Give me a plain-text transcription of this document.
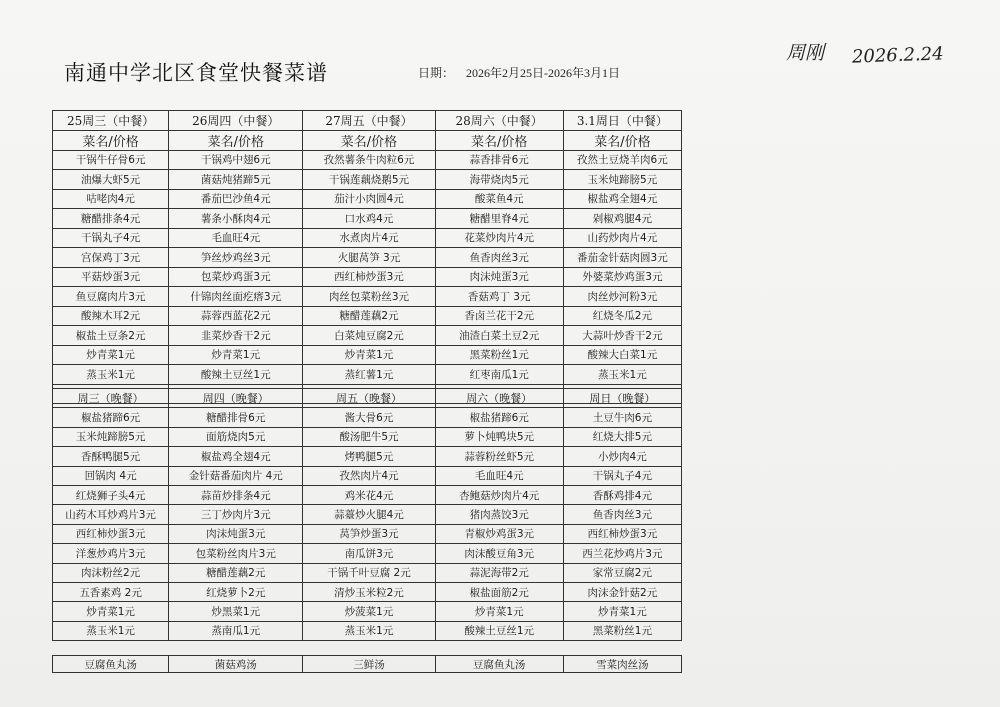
南通中学北区食堂快餐菜谱	日期： 2026年2月25日-2026年3月1日
周刚 2026.2.24
25周三（中餐）	26周四（中餐）	27周五（中餐）	28周六（中餐）	3.1周日（中餐）
菜名/价格	菜名/价格	菜名/价格	菜名/价格	菜名/价格
干锅牛仔骨6元	干锅鸡中翅6元	孜然薯条牛肉粒6元	蒜香排骨6元	孜然土豆烧羊肉6元
油爆大虾5元	菌菇炖猪蹄5元	干锅莲藕烧鹅5元	海带烧肉5元	玉米炖蹄膀5元
咕咾肉4元	番茄巴沙鱼4元	茄汁小肉圆4元	酸菜鱼4元	椒盐鸡全翅4元
糖醋排条4元	薯条小酥肉4元	口水鸡4元	糖醋里脊4元	剁椒鸡腿4元
干锅丸子4元	毛血旺4元	水煮肉片4元	花菜炒肉片4元	山药炒肉片4元
宫保鸡丁3元	笋丝炒鸡丝3元	火腿莴笋 3元	鱼香肉丝3元	番茄金针菇肉圆3元
平菇炒蛋3元	包菜炒鸡蛋3元	西红柿炒蛋3元	肉沫炖蛋3元	外婆菜炒鸡蛋3元
鱼豆腐肉片3元	什锦肉丝面疙瘩3元	肉丝包菜粉丝3元	香菇鸡丁 3元	肉丝炒河粉3元
酸辣木耳2元	蒜蓉西蓝花2元	糖醋莲藕2元	香卤兰花干2元	红烧冬瓜2元
椒盐土豆条2元	韭菜炒香干2元	白菜炖豆腐2元	油渣白菜土豆2元	大蒜叶炒香干2元
炒青菜1元	炒青菜1元	炒青菜1元	黑菜粉丝1元	酸辣大白菜1元
蒸玉米1元	酸辣土豆丝1元	蒸红薯1元	红枣南瓜1元	蒸玉米1元

周三（晚餐）	周四（晚餐）	周五（晚餐）	周六（晚餐）	周日（晚餐）
椒盐猪蹄6元	糖醋排骨6元	酱大骨6元	椒盐猪蹄6元	土豆牛肉6元
玉米炖蹄膀5元	面筋烧肉5元	酸汤肥牛5元	萝卜炖鸭块5元	红烧大排5元
香酥鸭腿5元	椒盐鸡全翅4元	烤鸭腿5元	蒜蓉粉丝虾5元	小炒肉4元
回锅肉 4元	金针菇番茄肉片 4元	孜然肉片4元	毛血旺4元	干锅丸子4元
红烧狮子头4元	蒜苗炒排条4元	鸡米花4元	杏鲍菇炒肉片4元	香酥鸡排4元
山药木耳炒鸡片3元	三丁炒肉片3元	蒜薹炒火腿4元	猪肉蒸饺3元	鱼香肉丝3元
西红柿炒蛋3元	肉沫炖蛋3元	莴笋炒蛋3元	青椒炒鸡蛋3元	西红柿炒蛋3元
洋葱炒鸡片3元	包菜粉丝肉片3元	南瓜饼3元	肉沫酸豆角3元	西兰花炒鸡片3元
肉沫粉丝2元	糖醋莲藕2元	干锅千叶豆腐 2元	蒜泥海带2元	家常豆腐2元
五香素鸡 2元	红烧萝卜2元	清炒玉米粒2元	椒盐面筋2元	肉沫金针菇2元
炒青菜1元	炒黑菜1元	炒菠菜1元	炒青菜1元	炒青菜1元
蒸玉米1元	蒸南瓜1元	蒸玉米1元	酸辣土豆丝1元	黑菜粉丝1元
豆腐鱼丸汤	菌菇鸡汤	三鲜汤	豆腐鱼丸汤	雪菜肉丝汤
